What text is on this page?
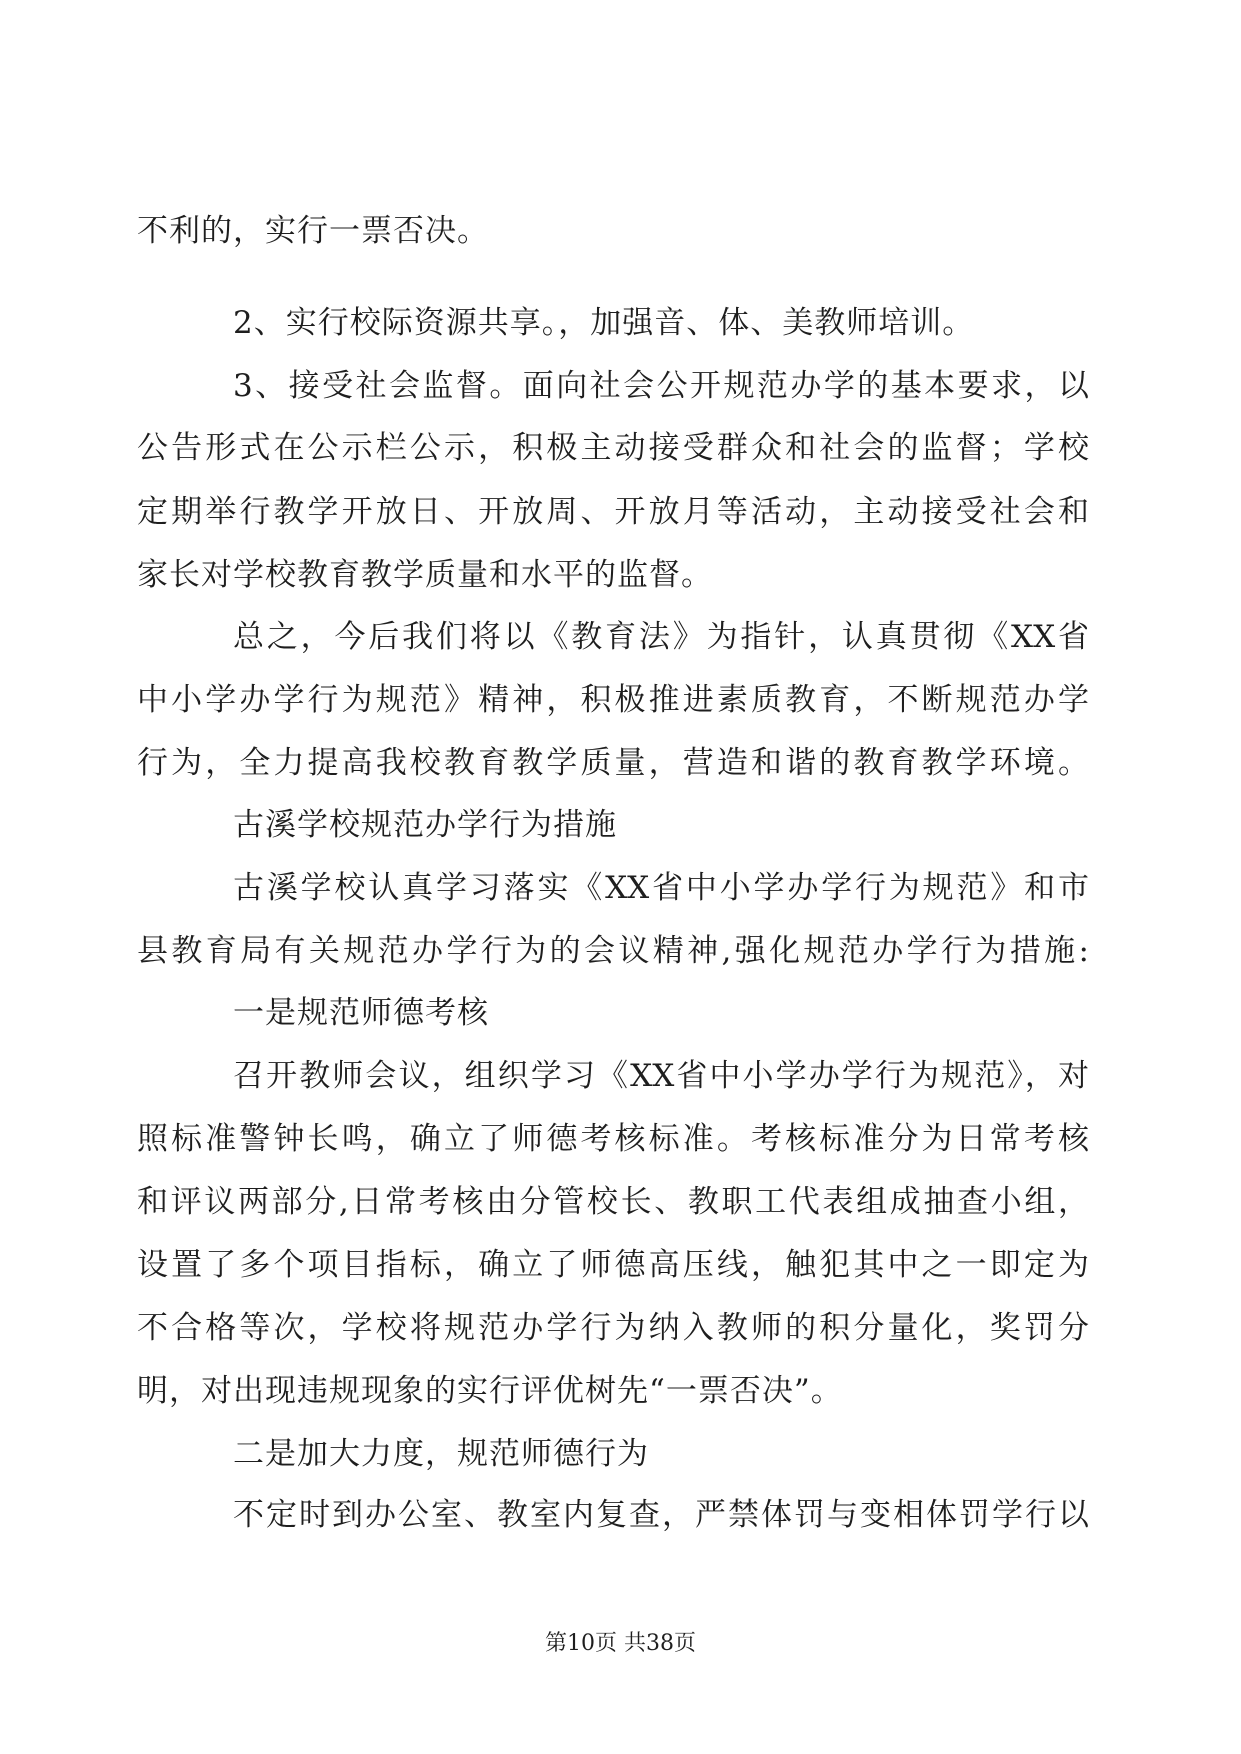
不利的，实行一票否决。
2、实行校际资源共享。，加强音、体、美教师培训。
3、接受社会监督。面向社会公开规范办学的基本要求，以
公告形式在公示栏公示，积极主动接受群众和社会的监督；学校
定期举行教学开放日、开放周、开放月等活动，主动接受社会和
家长对学校教育教学质量和水平的监督。
总之，今后我们将以《教育法》为指针，认真贯彻《XX省
中小学办学行为规范》精神，积极推进素质教育，不断规范办学
行为，全力提高我校教育教学质量，营造和谐的教育教学环境。
古溪学校规范办学行为措施
古溪学校认真学习落实《XX省中小学办学行为规范》和市
县教育局有关规范办学行为的会议精神,强化规范办学行为措施:
一是规范师德考核
召开教师会议，组织学习《XX省中小学办学行为规范》，对
照标准警钟长鸣，确立了师德考核标准。考核标准分为日常考核
和评议两部分,日常考核由分管校长、教职工代表组成抽查小组，
设置了多个项目指标，确立了师德高压线，触犯其中之一即定为
不合格等次，学校将规范办学行为纳入教师的积分量化，奖罚分
明，对出现违规现象的实行评优树先“一票否决”。
二是加大力度，规范师德行为
不定时到办公室、教室内复查，严禁体罚与变相体罚学行以
第10页 共38页
